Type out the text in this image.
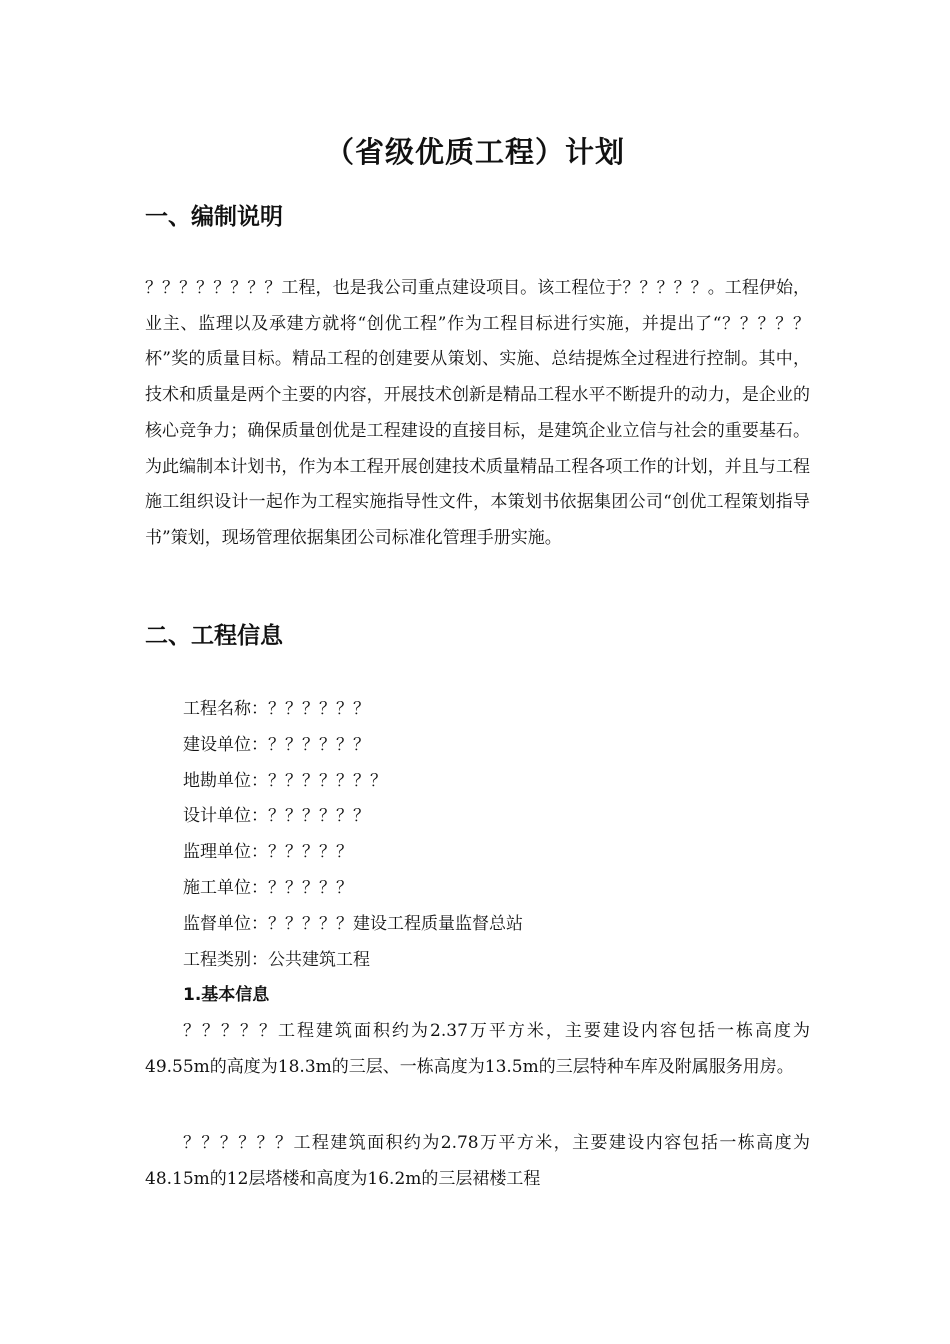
（省级优质工程）计划
一、编制说明
？？？？？？？？工程，也是我公司重点建设项目。该工程位于？？？？？。工程伊始，业主、监理以及承建方就将“创优工程”作为工程目标进行实施，并提出了“？？？？？杯”奖的质量目标。精品工程的创建要从策划、实施、总结提炼全过程进行控制。其中，技术和质量是两个主要的内容，开展技术创新是精品工程水平不断提升的动力，是企业的核心竞争力；确保质量创优是工程建设的直接目标，是建筑企业立信与社会的重要基石。为此编制本计划书，作为本工程开展创建技术质量精品工程各项工作的计划，并且与工程施工组织设计一起作为工程实施指导性文件，本策划书依据集团公司“创优工程策划指导书”策划，现场管理依据集团公司标准化管理手册实施。
二、工程信息
工程名称：？？？？？？
建设单位：？？？？？？
地勘单位：？？？？？？？
设计单位：？？？？？？
监理单位：？？？？？
施工单位：？？？？？
监督单位：？？？？？建设工程质量监督总站
工程类别：公共建筑工程
1.基本信息
？？？？？工程建筑面积约为2.37万平方米，主要建设内容包括一栋高度为49.55m的高度为18.3m的三层、一栋高度为13.5m的三层特种车库及附属服务用房。
？？？？？？工程建筑面积约为2.78万平方米，主要建设内容包括一栋高度为48.15m的12层塔楼和高度为16.2m的三层裙楼工程
